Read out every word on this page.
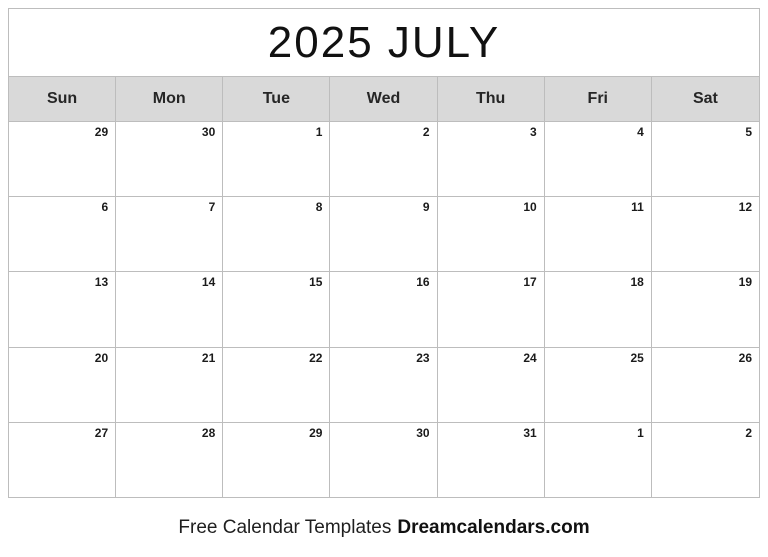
2025 JULY
Sun	Mon	Tue	Wed	Thu	Fri	Sat
29	30	1	2	3	4	5
6	7	8	9	10	11	12
13	14	15	16	17	18	19
20	21	22	23	24	25	26
27	28	29	30	31	1	2
Free Calendar Templates Dreamcalendars.com
